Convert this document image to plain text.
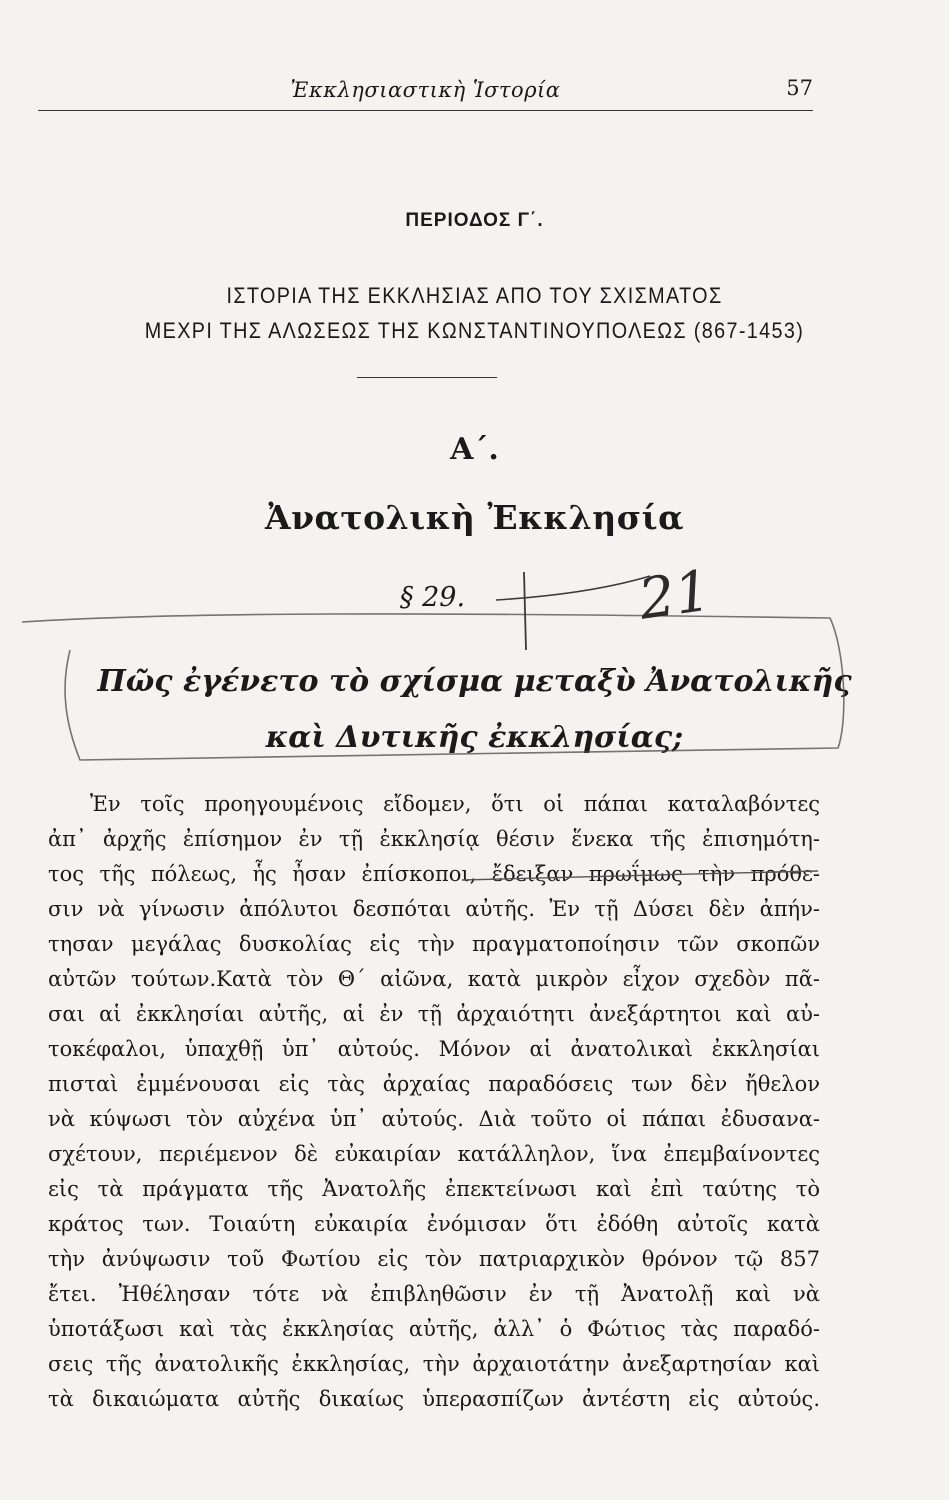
Ἐκκλησιαστικὴ Ἱστορία	57
ΠΕΡΙΟΔΟΣ Γ΄.
ΙΣΤΟΡΙΑ ΤΗΣ ΕΚΚΛΗΣΙΑΣ ΑΠΟ ΤΟΥ ΣΧΙΣΜΑΤΟΣ
ΜΕΧΡΙ ΤΗΣ ΑΛΩΣΕΩΣ ΤΗΣ ΚΩΝΣΤΑΝΤΙΝΟΥΠΟΛΕΩΣ (867-1453)
Α΄.
Ἀνατολικὴ Ἐκκλησία
§ 29.
Πῶς ἐγένετο τὸ σχίσμα μεταξὺ Ἀνατολικῆς
καὶ Δυτικῆς ἐκκλησίας;
Ἐν τοῖς προηγουμένοις εἴδομεν, ὅτι οἱ πάπαι καταλαβόντες
ἀπ᾽ ἀρχῆς ἐπίσημον ἐν τῇ ἐκκλησίᾳ θέσιν ἕνεκα τῆς ἐπισημότη-
τος τῆς πόλεως, ἧς ἦσαν ἐπίσκοποι, ἔδειξαν πρωΐμως τὴν πρόθε-
σιν νὰ γίνωσιν ἀπόλυτοι δεσπόται αὐτῆς. Ἐν τῇ Δύσει δὲν ἀπήν-
τησαν μεγάλας δυσκολίας εἰς τὴν πραγματοποίησιν τῶν σκοπῶν
αὐτῶν τούτων.Κατὰ τὸν Θ΄ αἰῶνα, κατὰ μικρὸν εἶχον σχεδὸν πᾶ-
σαι αἱ ἐκκλησίαι αὐτῆς, αἱ ἐν τῇ ἀρχαιότητι ἀνεξάρτητοι καὶ αὐ-
τοκέφαλοι, ὑπαχθῇ ὑπ᾽ αὐτούς. Μόνον αἱ ἀνατολικαὶ ἐκκλησίαι
πισταὶ ἐμμένουσαι εἰς τὰς ἀρχαίας παραδόσεις των δὲν ἤθελον
νὰ κύψωσι τὸν αὐχένα ὑπ᾽ αὐτούς. Διὰ τοῦτο οἱ πάπαι ἐδυσανα-
σχέτουν, περιέμενον δὲ εὐκαιρίαν κατάλληλον, ἵνα ἐπεμβαίνοντες
εἰς τὰ πράγματα τῆς Ἀνατολῆς ἐπεκτείνωσι καὶ ἐπὶ ταύτης τὸ
κράτος των. Τοιαύτη εὐκαιρία ἐνόμισαν ὅτι ἐδόθη αὐτοῖς κατὰ
τὴν ἀνύψωσιν τοῦ Φωτίου εἰς τὸν πατριαρχικὸν θρόνον τῷ 857
ἔτει. Ἠθέλησαν τότε νὰ ἐπιβληθῶσιν ἐν τῇ Ἀνατολῇ καὶ νὰ
ὑποτάξωσι καὶ τὰς ἐκκλησίας αὐτῆς, ἀλλ᾽ ὁ Φώτιος τὰς παραδό-
σεις τῆς ἀνατολικῆς ἐκκλησίας, τὴν ἀρχαιοτάτην ἀνεξαρτησίαν καὶ
τὰ δικαιώματα αὐτῆς δικαίως ὑπερασπίζων ἀντέστη εἰς αὐτούς.
21
